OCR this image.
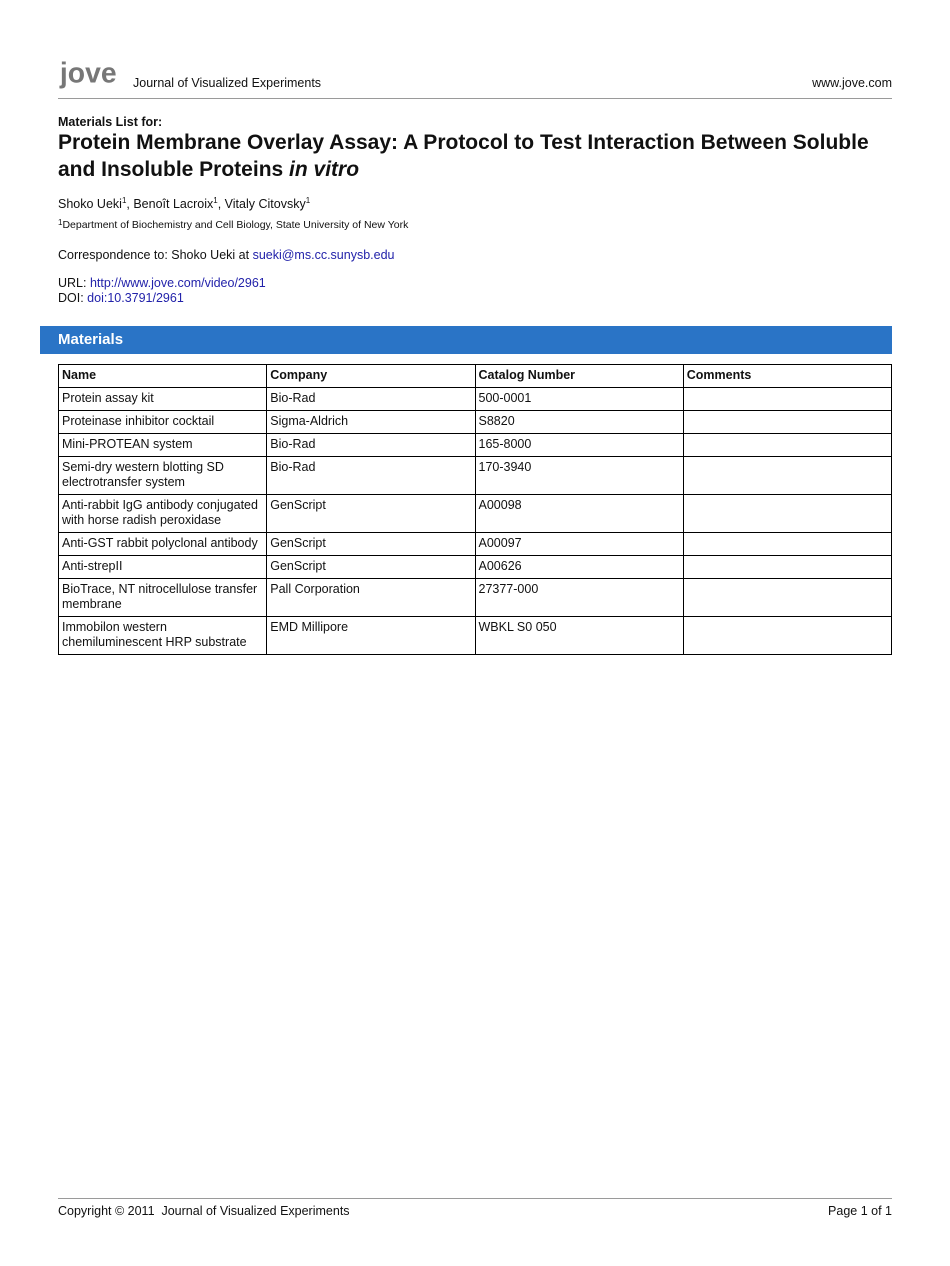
jove Journal of Visualized Experiments	www.jove.com
Materials List for:
Protein Membrane Overlay Assay: A Protocol to Test Interaction Between Soluble and Insoluble Proteins in vitro
Shoko Ueki$^1$, Benoît Lacroix$^1$, Vitaly Citovsky$^1$
$^1$Department of Biochemistry and Cell Biology, State University of New York
Correspondence to: Shoko Ueki at sueki@ms.cc.sunysb.edu
URL: http://www.jove.com/video/2961
DOI: doi:10.3791/2961
Materials
Name	Company	Catalog Number	Comments
Protein assay kit	Bio-Rad	500-0001	
Proteinase inhibitor cocktail	Sigma-Aldrich	S8820	
Mini-PROTEAN system	Bio-Rad	165-8000	
Semi-dry western blotting SD electrotransfer system	Bio-Rad	170-3940	
Anti-rabbit IgG antibody conjugated with horse radish peroxidase	GenScript	A00098	
Anti-GST rabbit polyclonal antibody	GenScript	A00097	
Anti-strepII	GenScript	A00626	
BioTrace, NT nitrocellulose transfer membrane	Pall Corporation	27377-000	
Immobilon western chemiluminescent HRP substrate	EMD Millipore	WBKL S0 050	
Copyright © 2011  Journal of Visualized Experiments	Page 1 of 1
